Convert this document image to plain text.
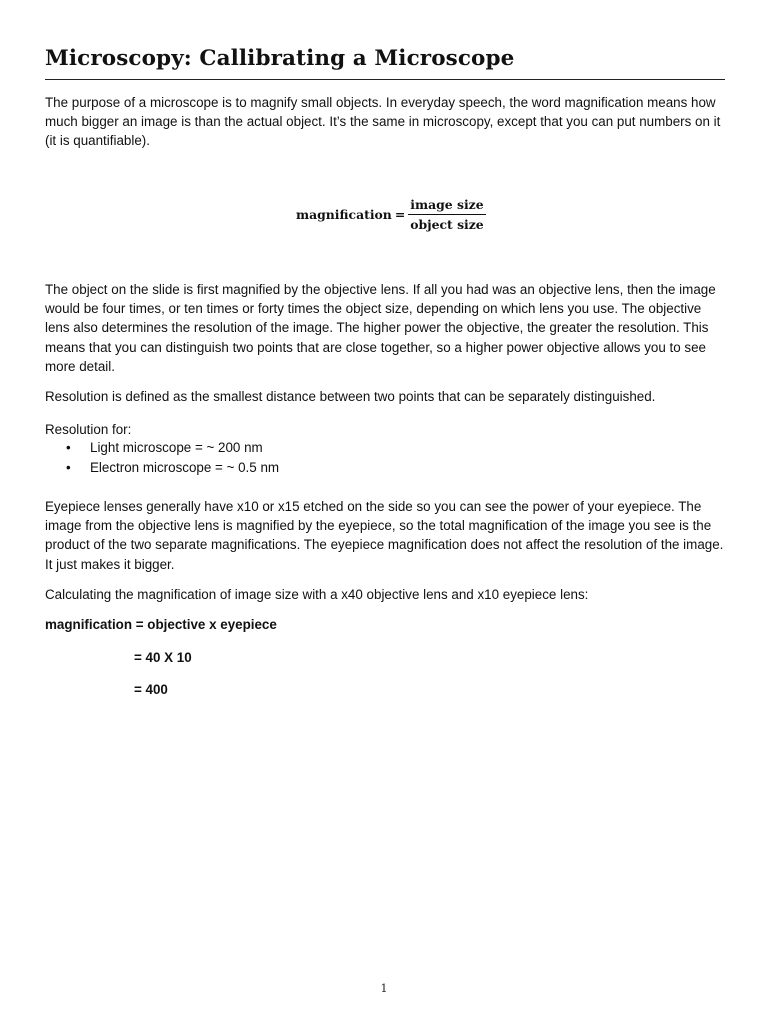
Microscopy: Callibrating a Microscope

The purpose of a microscope is to magnify small objects. In everyday speech, the word magnification means how much bigger an image is than the actual object. It’s the same in microscopy, except that you can put numbers on it (it is quantifiable).

magnification = $\frac{\text{image size}}{\text{object size}}$

The object on the slide is first magnified by the objective lens. If all you had was an objective lens, then the image would be four times, or ten times or forty times the object size, depending on which lens you use. The objective lens also determines the resolution of the image. The higher power the objective, the greater the resolution. This means that you can distinguish two points that are close together, so a higher power objective allows you to see more detail.

Resolution is defined as the smallest distance between two points that can be separately distinguished.

Resolution for:

• Light microscope = ~ 200 nm
• Electron microscope = ~ 0.5 nm

Eyepiece lenses generally have x10 or x15 etched on the side so you can see the power of your eyepiece. The image from the objective lens is magnified by the eyepiece, so the total magnification of the image you see is the product of the two separate magnifications. The eyepiece magnification does not affect the resolution of the image. It just makes it bigger.

Calculating the magnification of image size with a x40 objective lens and x10 eyepiece lens:

magnification = objective x eyepiece

= 40 X 10

= 400

1
